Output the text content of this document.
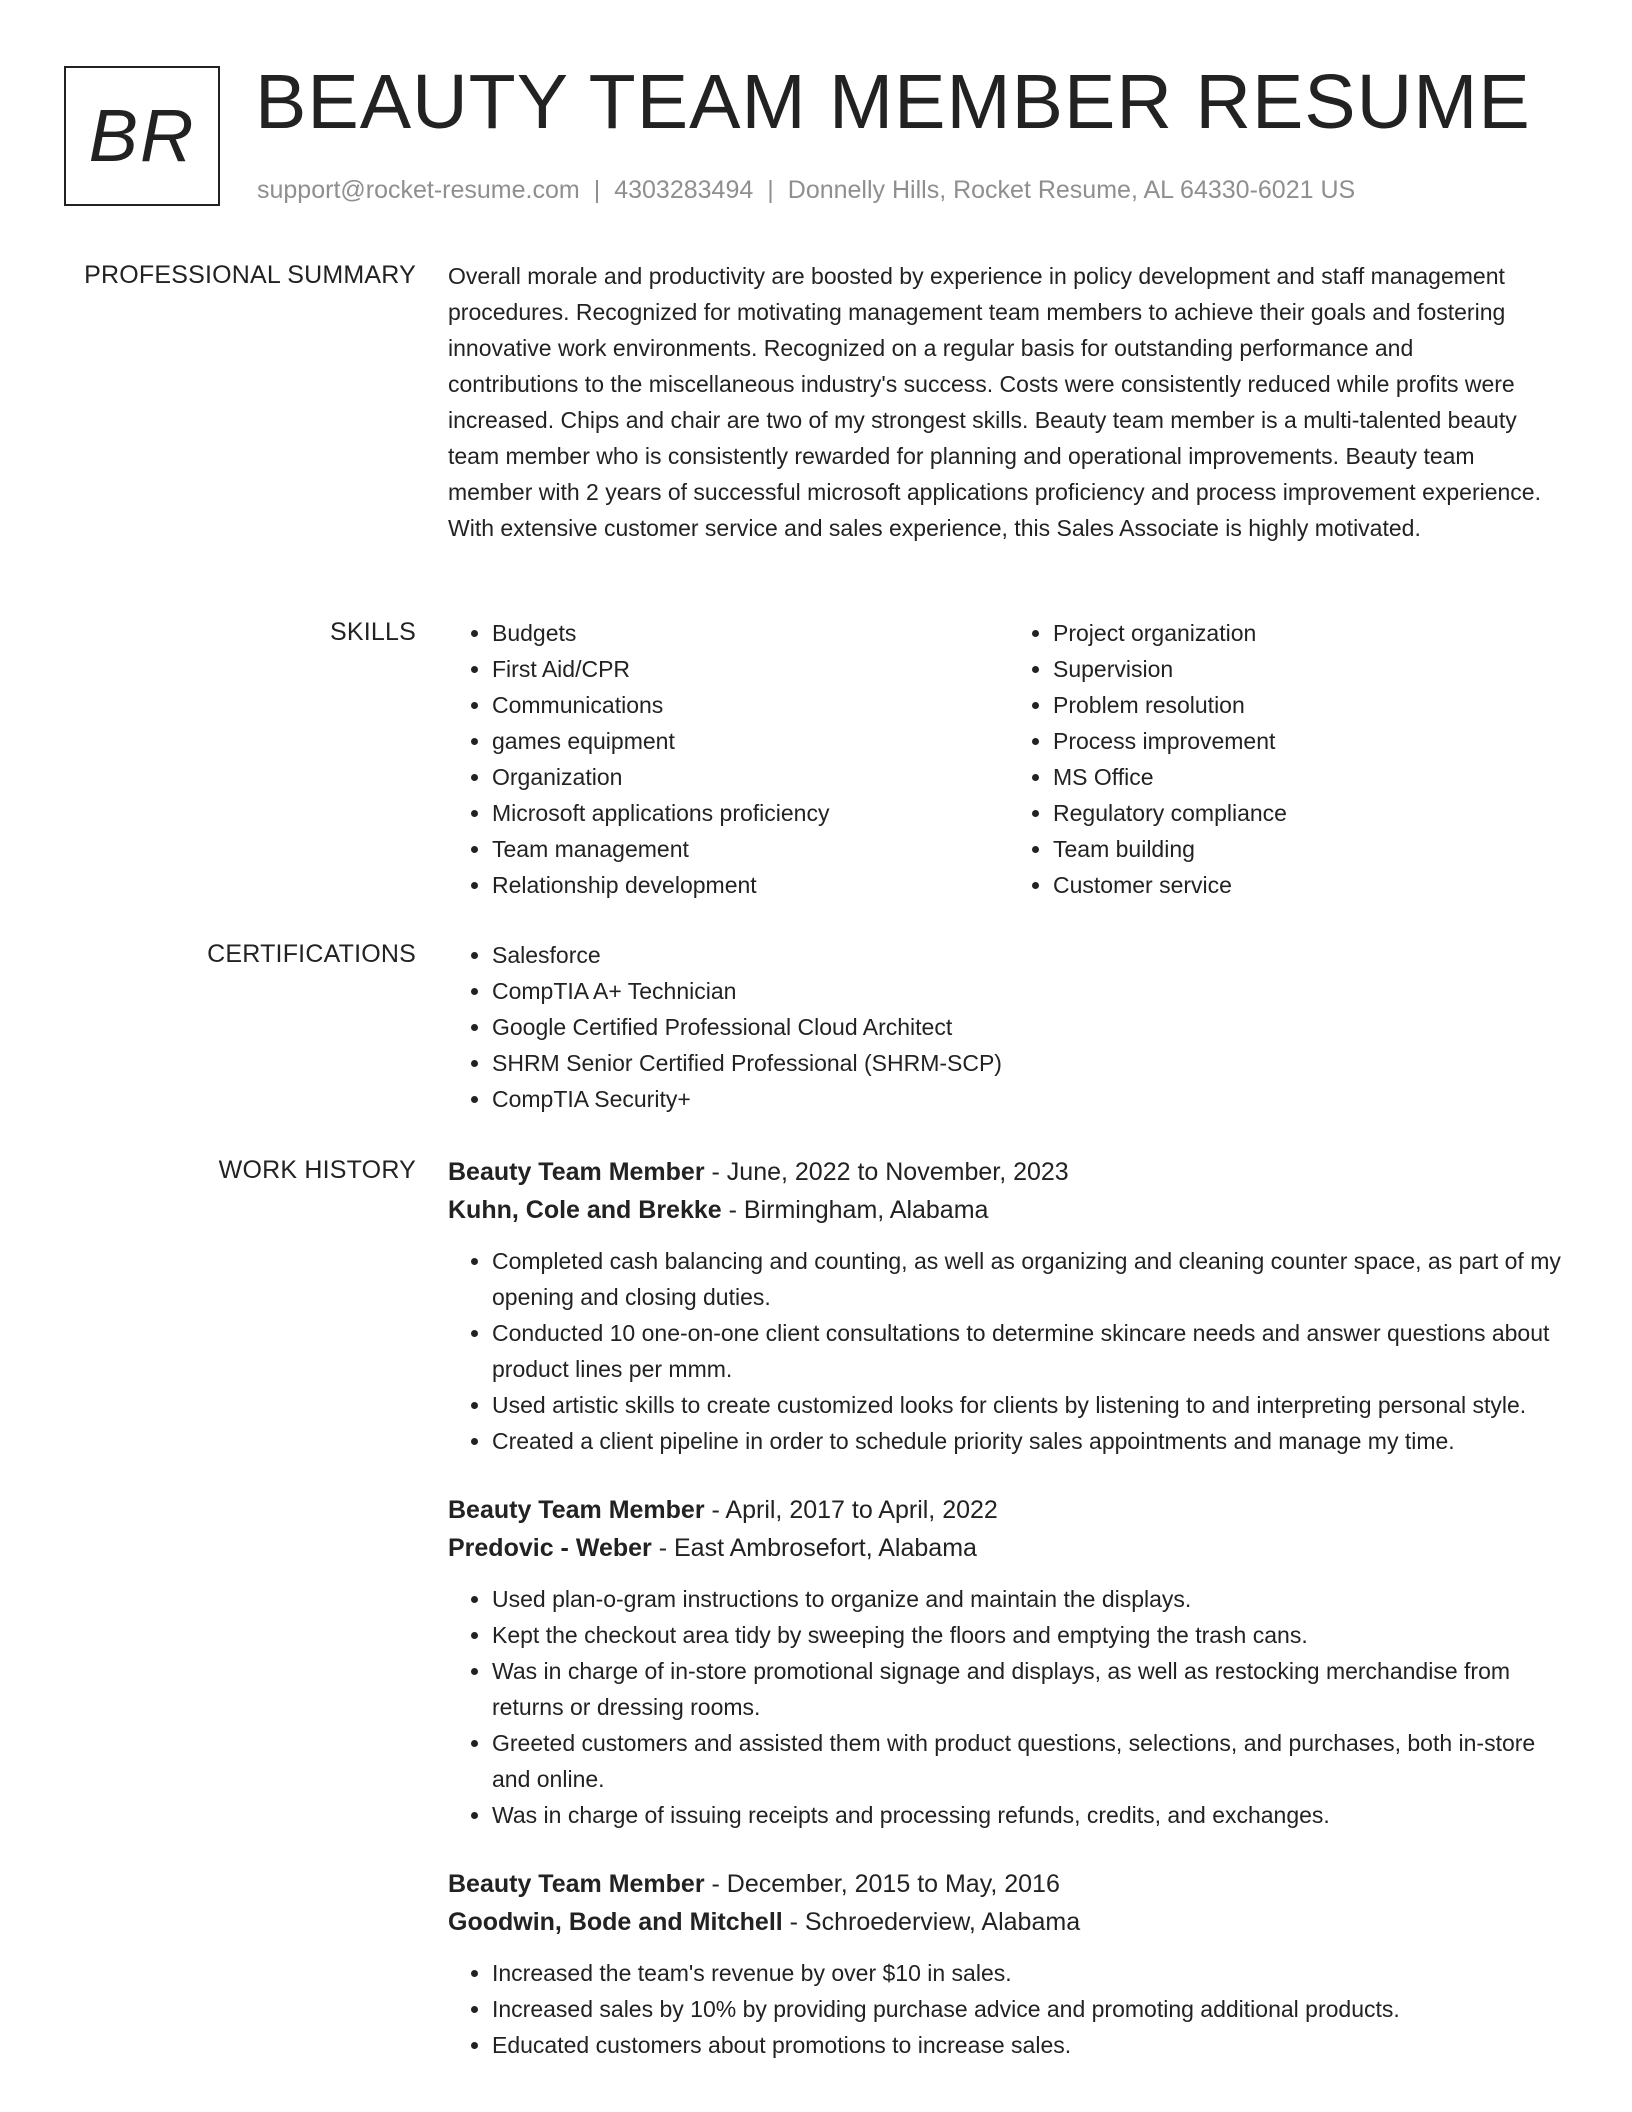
BR BEAUTY TEAM MEMBER RESUME
support@rocket-resume.com | 4303283494 | Donnelly Hills, Rocket Resume, AL 64330-6021 US
PROFESSIONAL SUMMARY Overall morale and productivity are boosted by experience in policy development and staff management procedures. Recognized for motivating management team members to achieve their goals and fostering innovative work environments. Recognized on a regular basis for outstanding performance and contributions to the miscellaneous industry's success. Costs were consistently reduced while profits were increased. Chips and chair are two of my strongest skills. Beauty team member is a multi-talented beauty team member who is consistently rewarded for planning and operational improvements. Beauty team member with 2 years of successful microsoft applications proficiency and process improvement experience. With extensive customer service and sales experience, this Sales Associate is highly motivated.

SKILLS	• Budgets
• First Aid/CPR
• Communications
• games equipment
• Organization
• Microsoft applications proficiency
• Team management
• Relationship development
• Project organization
• Supervision
• Problem resolution
• Process improvement
• MS Office
• Regulatory compliance
• Team building
• Customer service
CERTIFICATIONS	• Salesforce
• CompTIA A+ Technician
• Google Certified Professional Cloud Architect
• SHRM Senior Certified Professional (SHRM-SCP)
• CompTIA Security+
WORK HISTORY Beauty Team Member - June, 2022 to November, 2023
Kuhn, Cole and Brekke - Birmingham, Alabama
• Completed cash balancing and counting, as well as organizing and cleaning counter space, as part of my opening and closing duties.
• Conducted 10 one-on-one client consultations to determine skincare needs and answer questions about product lines per mmm.
• Used artistic skills to create customized looks for clients by listening to and interpreting personal style.
• Created a client pipeline in order to schedule priority sales appointments and manage my time.
Beauty Team Member - April, 2017 to April, 2022
Predovic - Weber - East Ambrosefort, Alabama
• Used plan-o-gram instructions to organize and maintain the displays.
• Kept the checkout area tidy by sweeping the floors and emptying the trash cans.
• Was in charge of in-store promotional signage and displays, as well as restocking merchandise from returns or dressing rooms.
• Greeted customers and assisted them with product questions, selections, and purchases, both in-store and online.
• Was in charge of issuing receipts and processing refunds, credits, and exchanges.
Beauty Team Member - December, 2015 to May, 2016
Goodwin, Bode and Mitchell - Schroederview, Alabama
• Increased the team's revenue by over $10 in sales.
• Increased sales by 10% by providing purchase advice and promoting additional products.
• Educated customers about promotions to increase sales.
